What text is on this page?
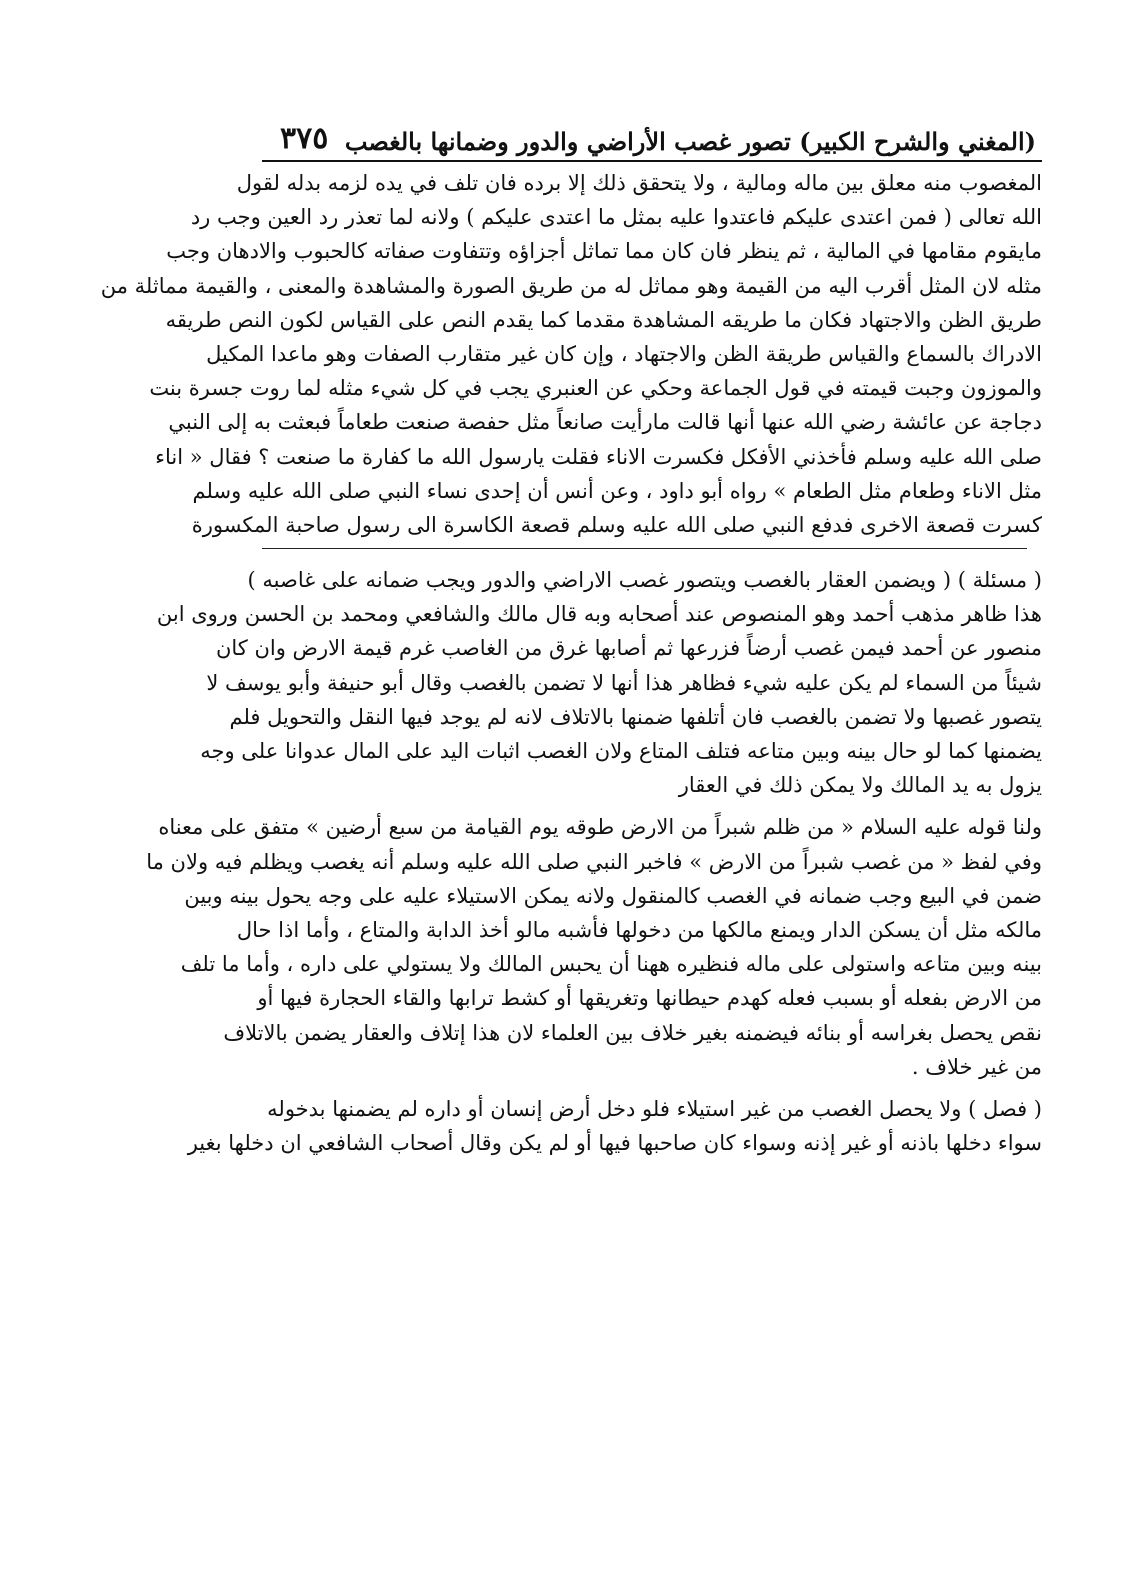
(المغني والشرح الكبير) تصور غصب الأراضي والدور وضمانها بالغصب
٣٧٥
المغصوب منه معلق بين ماله ومالية ، ولا يتحقق ذلك إلا برده فان تلف في يده لزمه بدله لقول
الله تعالى ( فمن اعتدى عليكم فاعتدوا عليه بمثل ما اعتدى عليكم ) ولانه لما تعذر رد العين وجب رد
مايقوم مقامها في المالية ، ثم ينظر فان كان مما تماثل أجزاؤه وتتفاوت صفاته كالحبوب والادهان وجب
مثله لان المثل أقرب اليه من القيمة وهو مماثل له من طريق الصورة والمشاهدة والمعنى ، والقيمة مماثلة من
طريق الظن والاجتهاد فكان ما طريقه المشاهدة مقدما كما يقدم النص على القياس لكون النص طريقه
الادراك بالسماع والقياس طريقة الظن والاجتهاد ، وإن كان غير متقارب الصفات وهو ماعدا المكيل
والموزون وجبت قيمته في قول الجماعة وحكي عن العنبري يجب في كل شيء مثله لما روت جسرة بنت
دجاجة عن عائشة رضي الله عنها أنها قالت مارأيت صانعاً مثل حفصة صنعت طعاماً فبعثت به إلى النبي
صلى الله عليه وسلم فأخذني الأفكل فكسرت الاناء فقلت يارسول الله ما كفارة ما صنعت ؟ فقال « اناء
مثل الاناء وطعام مثل الطعام » رواه أبو داود ، وعن أنس أن إحدى نساء النبي صلى الله عليه وسلم
كسرت قصعة الاخرى فدفع النبي صلى الله عليه وسلم قصعة الكاسرة الى رسول صاحبة المكسورة
( مسئلة ) ( ويضمن العقار بالغصب ويتصور غصب الاراضي والدور ويجب ضمانه على غاصبه )
هذا ظاهر مذهب أحمد وهو المنصوص عند أصحابه وبه قال مالك والشافعي ومحمد بن الحسن وروى ابن
منصور عن أحمد فيمن غصب أرضاً فزرعها ثم أصابها غرق من الغاصب غرم قيمة الارض وان كان
شيئاً من السماء لم يكن عليه شيء فظاهر هذا أنها لا تضمن بالغصب وقال أبو حنيفة وأبو يوسف لا
يتصور غصبها ولا تضمن بالغصب فان أتلفها ضمنها بالاتلاف لانه لم يوجد فيها النقل والتحويل فلم
يضمنها كما لو حال بينه وبين متاعه فتلف المتاع ولان الغصب اثبات اليد على المال عدوانا على وجه
يزول به يد المالك ولا يمكن ذلك في العقار
ولنا قوله عليه السلام « من ظلم شبراً من الارض طوقه يوم القيامة من سبع أرضين » متفق على معناه
وفي لفظ « من غصب شبراً من الارض » فاخبر النبي صلى الله عليه وسلم أنه يغصب ويظلم فيه ولان ما
ضمن في البيع وجب ضمانه في الغصب كالمنقول ولانه يمكن الاستيلاء عليه على وجه يحول بينه وبين
مالكه مثل أن يسكن الدار ويمنع مالكها من دخولها فأشبه مالو أخذ الدابة والمتاع ، وأما اذا حال
بينه وبين متاعه واستولى على ماله فنظيره ههنا أن يحبس المالك ولا يستولي على داره ، وأما ما تلف
من الارض بفعله أو بسبب فعله كهدم حيطانها وتغريقها أو كشط ترابها والقاء الحجارة فيها أو
نقص يحصل بغراسه أو بنائه فيضمنه بغير خلاف بين العلماء لان هذا إتلاف والعقار يضمن بالاتلاف
من غير خلاف .
( فصل ) ولا يحصل الغصب من غير استيلاء فلو دخل أرض إنسان أو داره لم يضمنها بدخوله
سواء دخلها باذنه أو غير إذنه وسواء كان صاحبها فيها أو لم يكن وقال أصحاب الشافعي ان دخلها بغير
